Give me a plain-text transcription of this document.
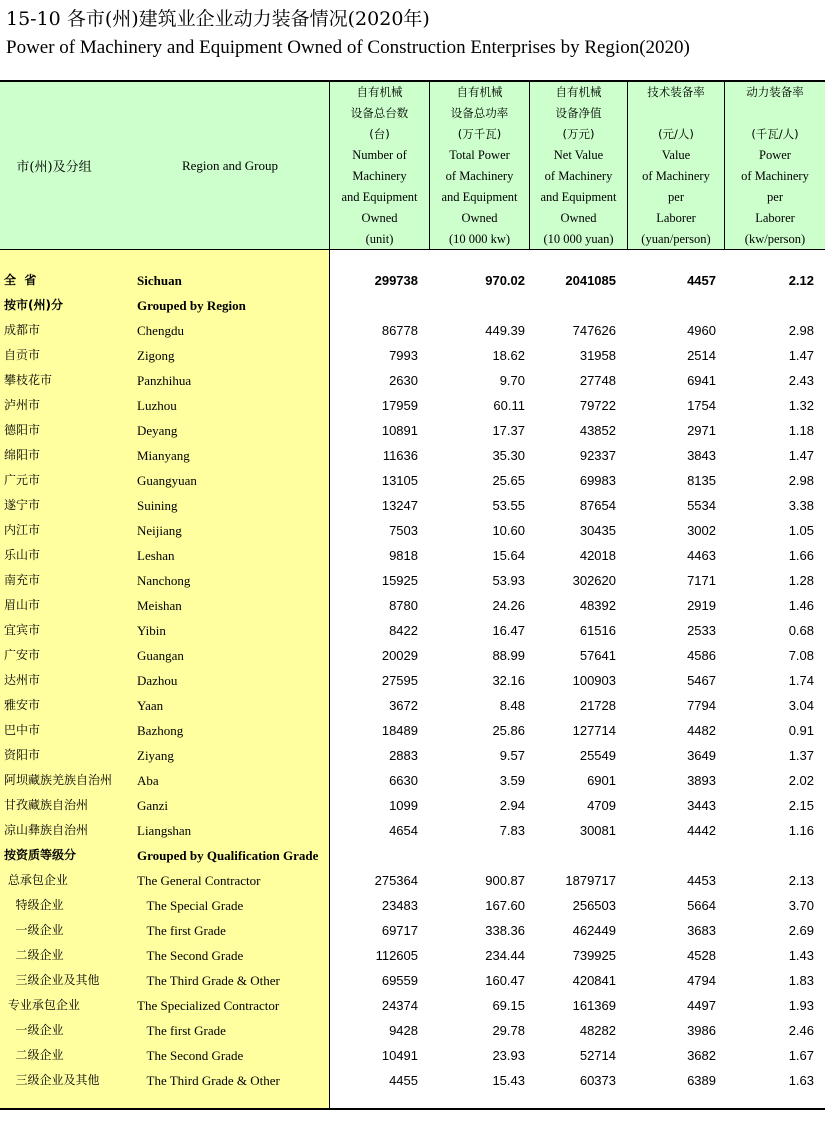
15-10 各市(州)建筑业企业动力装备情况(2020年)
Power of Machinery and Equipment Owned of Construction Enterprises by Region(2020)
市(州)及分组	Region and Group
自有机械
设备总台数
(台)
Number of
Machinery
and Equipment
Owned
(unit)
自有机械
设备总功率
(万千瓦)
Total Power
of Machinery
and Equipment
Owned
(10 000 kw)
自有机械
设备净值
(万元)
Net Value
of Machinery
and Equipment
Owned
(10 000 yuan)
技术装备率

(元/人)
Value
of Machinery
per
Laborer
(yuan/person)
动力装备率

(千瓦/人)
Power
of Machinery
per
Laborer
(kw/person)
全  省	Sichuan	299738	970.02	2041085	4457	2.12
按市(州)分	Grouped by Region
成都市	Chengdu	86778	449.39	747626	4960	2.98
自贡市	Zigong	7993	18.62	31958	2514	1.47
攀枝花市	Panzhihua	2630	9.70	27748	6941	2.43
泸州市	Luzhou	17959	60.11	79722	1754	1.32
德阳市	Deyang	10891	17.37	43852	2971	1.18
绵阳市	Mianyang	11636	35.30	92337	3843	1.47
广元市	Guangyuan	13105	25.65	69983	8135	2.98
遂宁市	Suining	13247	53.55	87654	5534	3.38
内江市	Neijiang	7503	10.60	30435	3002	1.05
乐山市	Leshan	9818	15.64	42018	4463	1.66
南充市	Nanchong	15925	53.93	302620	7171	1.28
眉山市	Meishan	8780	24.26	48392	2919	1.46
宜宾市	Yibin	8422	16.47	61516	2533	0.68
广安市	Guangan	20029	88.99	57641	4586	7.08
达州市	Dazhou	27595	32.16	100903	5467	1.74
雅安市	Yaan	3672	8.48	21728	7794	3.04
巴中市	Bazhong	18489	25.86	127714	4482	0.91
资阳市	Ziyang	2883	9.57	25549	3649	1.37
阿坝藏族羌族自治州 Aba	6630	3.59	6901	3893	2.02
甘孜藏族自治州	Ganzi	1099	2.94	4709	3443	2.15
凉山彝族自治州	Liangshan	4654	7.83	30081	4442	1.16
按资质等级分	Grouped by Qualification Grade
总承包企业	The General Contractor	275364	900.87	1879717	4453	2.13
特级企业	The Special Grade	23483	167.60	256503	5664	3.70
一级企业	The first Grade	69717	338.36	462449	3683	2.69
二级企业	The Second Grade	112605	234.44	739925	4528	1.43
三级企业及其他	The Third Grade & Other	69559	160.47	420841	4794	1.83
专业承包企业	The Specialized Contractor	24374	69.15	161369	4497	1.93
一级企业	The first Grade	9428	29.78	48282	3986	2.46
二级企业	The Second Grade	10491	23.93	52714	3682	1.67
三级企业及其他	The Third Grade & Other	4455	15.43	60373	6389	1.63
